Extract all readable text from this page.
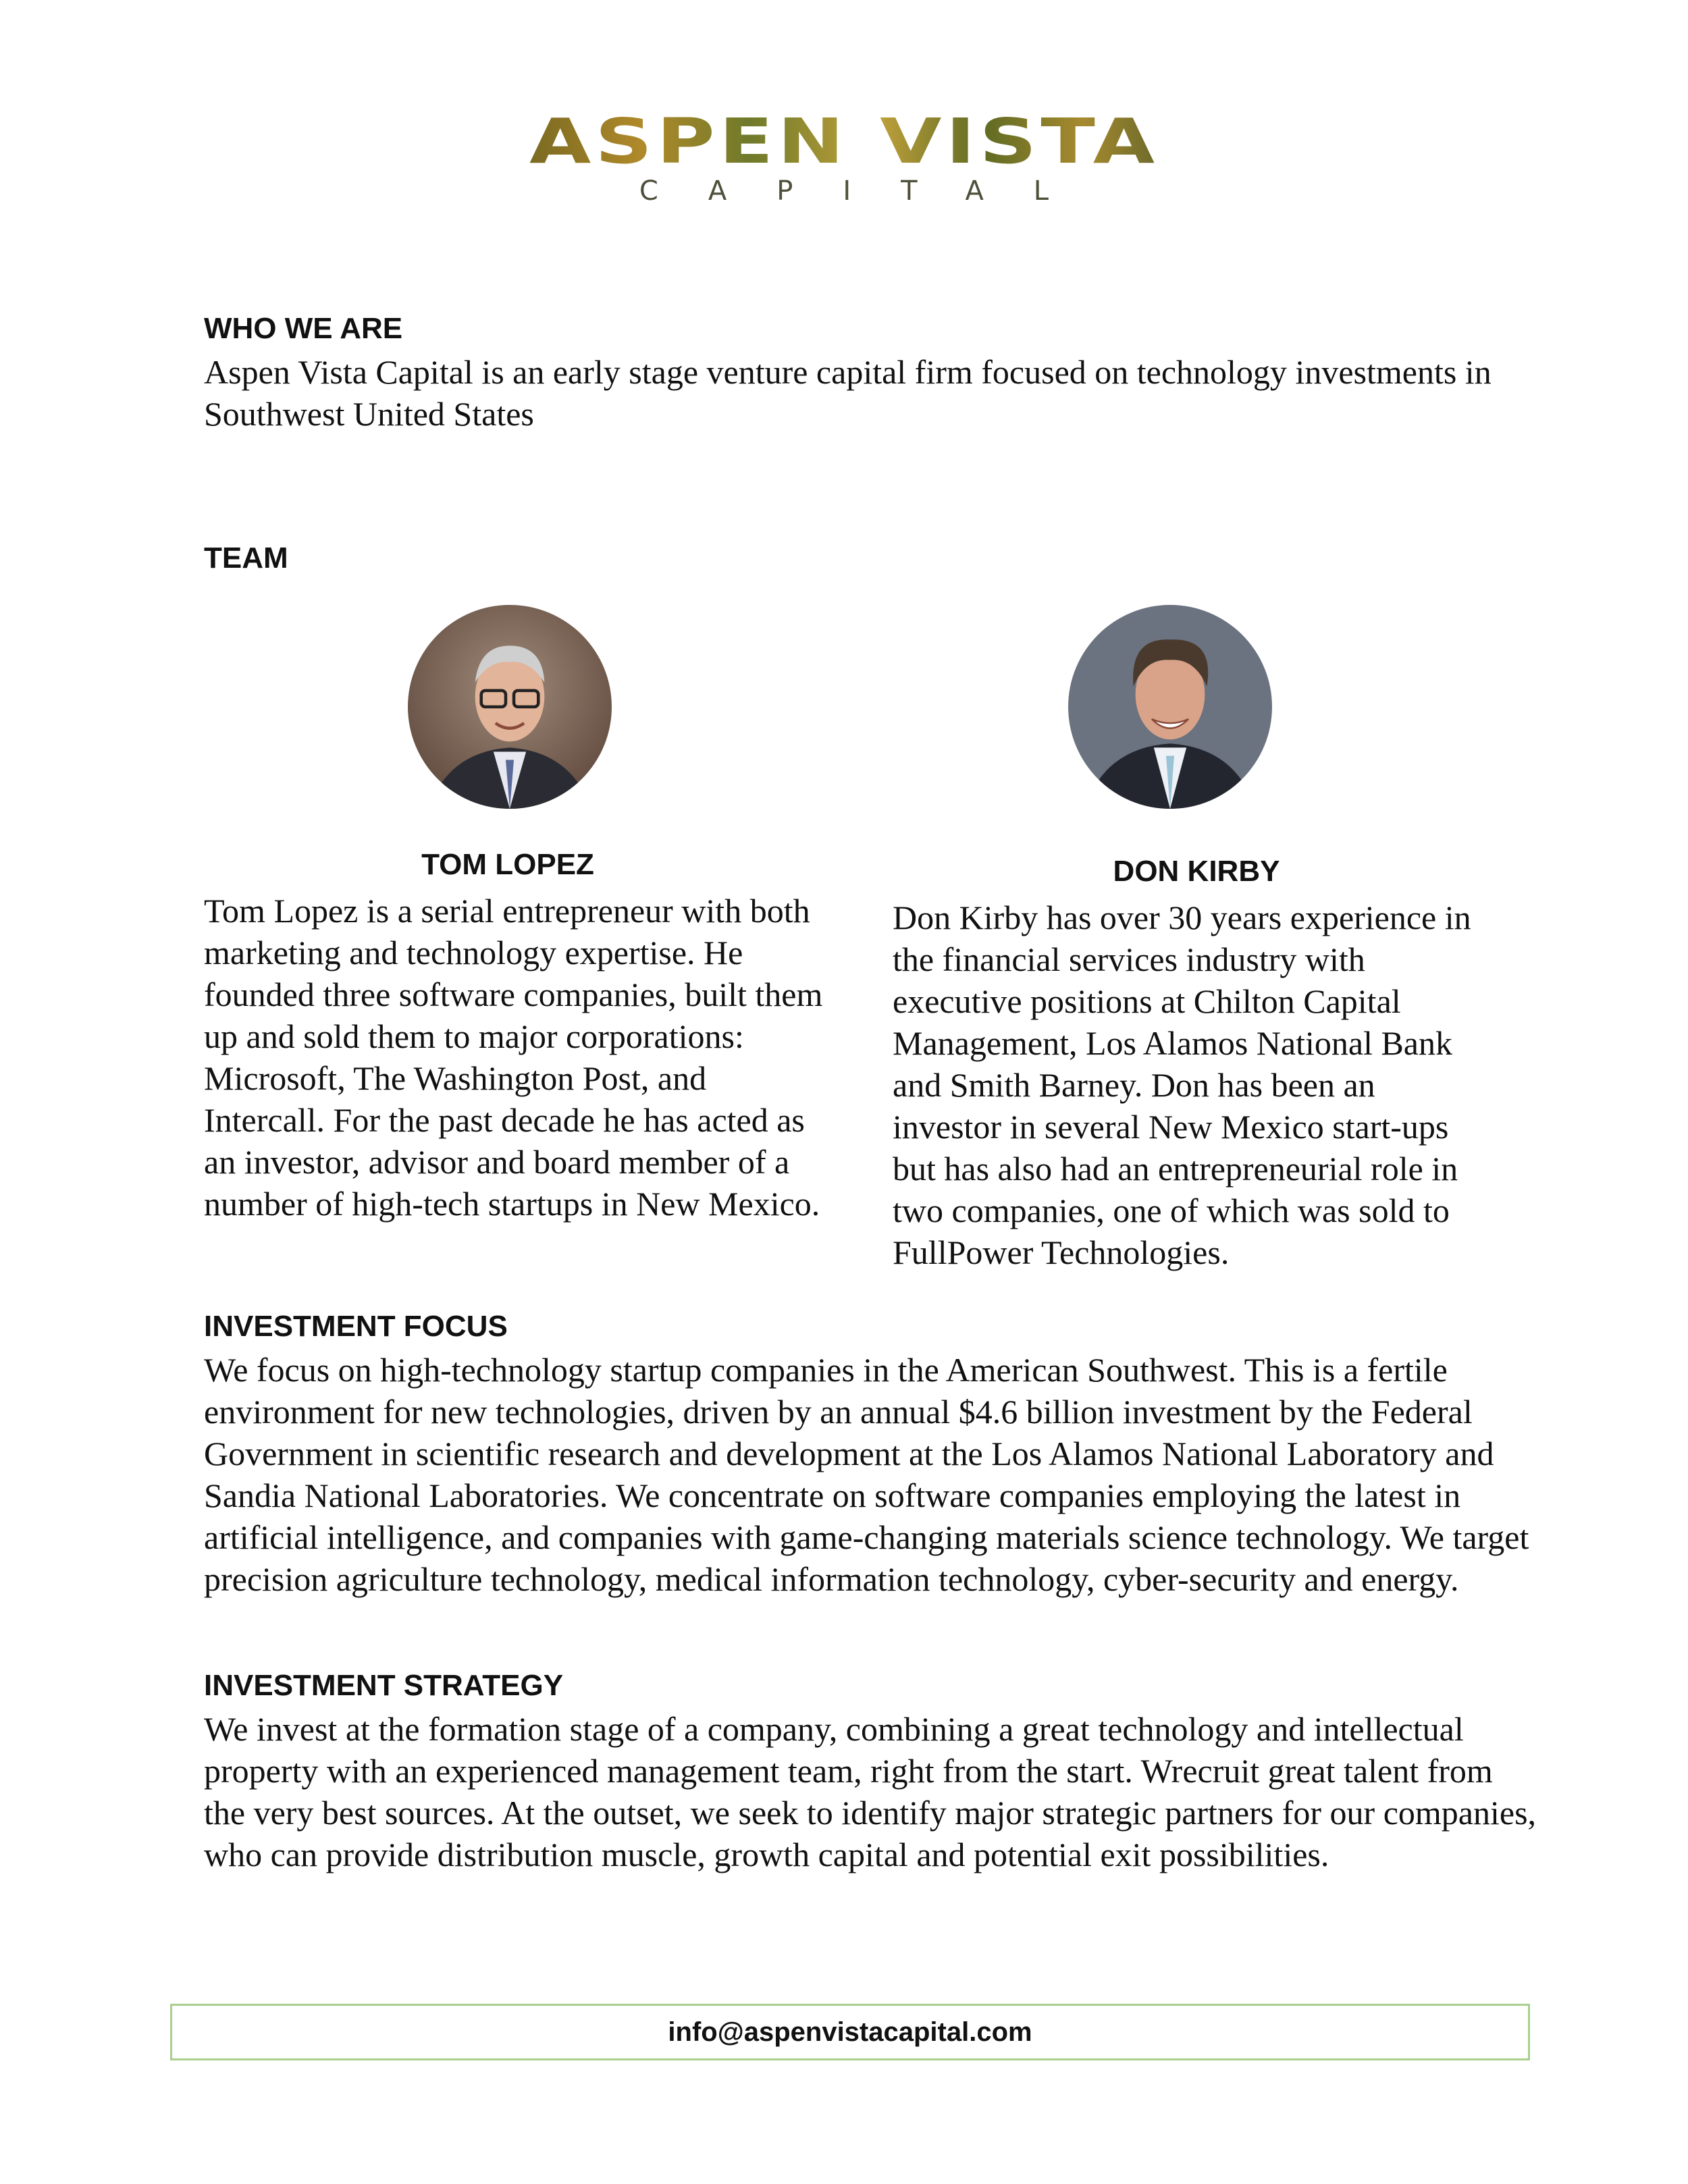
ASPEN VISTA
CAPITAL
WHO WE ARE

Aspen Vista Capital is an early stage venture capital firm focused on technology investments in Southwest United States

TEAM
TOM LOPEZ

Tom Lopez is a serial entrepreneur with both marketing and technology expertise. He founded three software companies, built them up and sold them to major corporations: Microsoft, The Washington Post, and Intercall. For the past decade he has acted as an investor, advisor and board member of a number of high-tech startups in New Mexico.

DON KIRBY

Don Kirby has over 30 years experience in the financial services industry with executive positions at Chilton Capital Management, Los Alamos National Bank and Smith Barney. Don has been an investor in several New Mexico start-ups but has also had an entrepreneurial role in two companies, one of which was sold to FullPower Technologies.

INVESTMENT FOCUS

We focus on high-technology startup companies in the American Southwest. This is a fertile environment for new technologies, driven by an annual $4.6 billion investment by the Federal Government in scientific research and development at the Los Alamos National Laboratory and Sandia National Laboratories. We concentrate on software companies employing the latest in artificial intelligence, and companies with game-changing materials science technology. We target precision agriculture technology, medical information technology, cyber-security and energy.

INVESTMENT STRATEGY

We invest at the formation stage of a company, combining a great technology and intellectual property with an experienced management team, right from the start. Wrecruit great talent from the very best sources. At the outset, we seek to identify major strategic partners for our companies, who can provide distribution muscle, growth capital and potential exit possibilities.

info@aspenvistacapital.com
